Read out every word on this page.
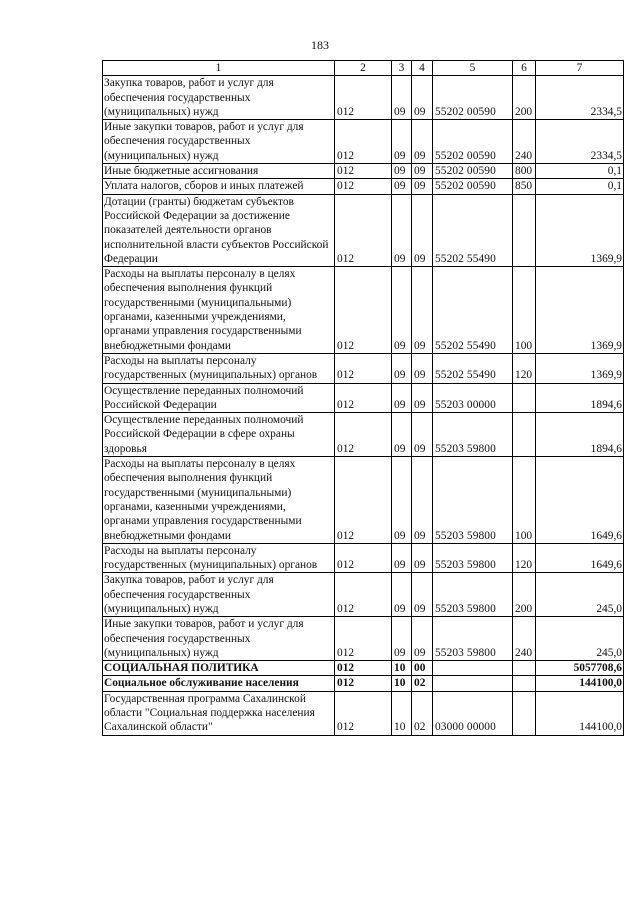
183
1	2	3	4	5	6	7
Закупка товаров, работ и услуг для обеспечения государственных (муниципальных) нужд	012	09	09	55202 00590	200	2334,5
Иные закупки товаров, работ и услуг для обеспечения государственных (муниципальных) нужд	012	09	09	55202 00590	240	2334,5
Иные бюджетные ассигнования	012	09	09	55202 00590	800	0,1
Уплата налогов, сборов и иных платежей	012	09	09	55202 00590	850	0,1
Дотации (гранты) бюджетам субъектов Российской Федерации за достижение показателей деятельности органов исполнительной власти субъектов Российской Федерации	012	09	09	55202 55490		1369,9
Расходы на выплаты персоналу в целях обеспечения выполнения функций государственными (муниципальными) органами, казенными учреждениями, органами управления государственными внебюджетными фондами	012	09	09	55202 55490	100	1369,9
Расходы на выплаты персоналу государственных (муниципальных) органов	012	09	09	55202 55490	120	1369,9
Осуществление переданных полномочий Российской Федерации	012	09	09	55203 00000		1894,6
Осуществление переданных полномочий Российской Федерации в сфере охраны здоровья	012	09	09	55203 59800		1894,6
Расходы на выплаты персоналу в целях обеспечения выполнения функций государственными (муниципальными) органами, казенными учреждениями, органами управления государственными внебюджетными фондами	012	09	09	55203 59800	100	1649,6
Расходы на выплаты персоналу государственных (муниципальных) органов	012	09	09	55203 59800	120	1649,6
Закупка товаров, работ и услуг для обеспечения государственных (муниципальных) нужд	012	09	09	55203 59800	200	245,0
Иные закупки товаров, работ и услуг для обеспечения государственных (муниципальных) нужд	012	09	09	55203 59800	240	245,0
СОЦИАЛЬНАЯ ПОЛИТИКА	012	10	00			5057708,6
Социальное обслуживание населения	012	10	02			144100,0
Государственная программа Сахалинской области "Социальная поддержка населения Сахалинской области"	012	10	02	03000 00000		144100,0
